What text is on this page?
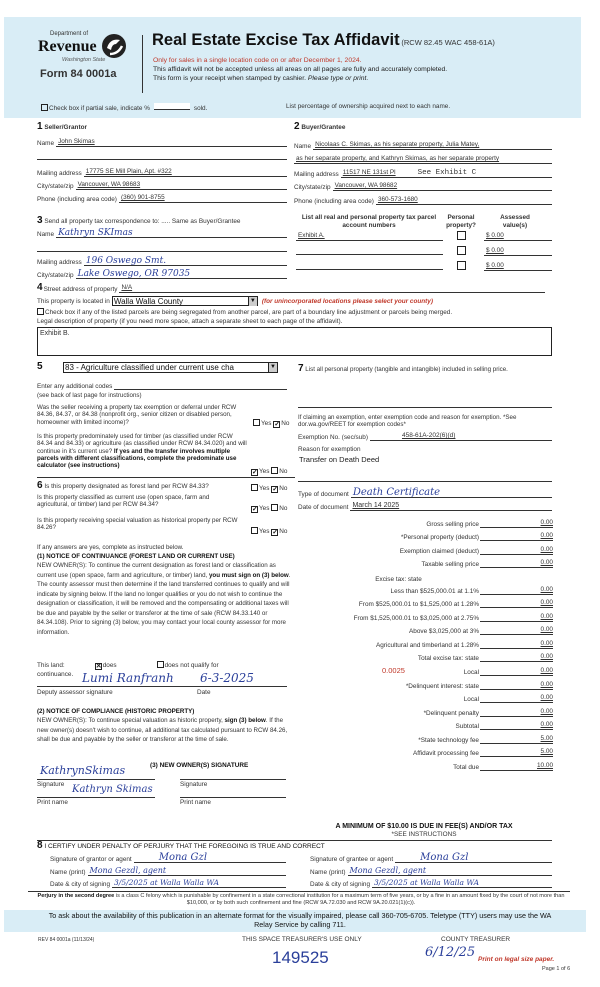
Department of
Revenue
Washington State
Form 84 0001a
Real Estate Excise Tax Affidavit (RCW 82.45 WAC 458-61A)
Only for sales in a single location code on or after December 1, 2024.
This affidavit will not be accepted unless all areas on all pages are fully and accurately completed.
This form is your receipt when stamped by cashier. Please type or print.
Check box if partial sale, indicate %	sold.	List percentage of ownership acquired next to each name.
1 Seller/Grantor
Name John Skimas
Mailing address 17775 SE Mill Plain, Apt. #322
City/state/zip Vancouver, WA 98683
Phone (including area code) (360) 901-8755
2 Buyer/Grantee
Name Nicolaas C. Skimas, as his separate property, Julia Matey,
as her separate property, and Kathryn Skimas, as her separate property
Mailing address 11517 NE 131st Pl	See Exhibit C
City/state/zip Vancouver, WA 98682
Phone (including area code) 360-573-1680
3 Send all property tax correspondence to: ..... Same as Buyer/Grantee
Name Kathryn SKImas
Mailing address 196 Oswego Smt.
City/state/zip Lake Oswego, OR 97035
List all real and personal property tax parcel account numbers
Personal property?
Assessed value(s)
Exhibit A.	$ 0.00
$ 0.00
$ 0.00
4 Street address of property N/A
This property is located in Walla Walla County	▼ (for unincorporated locations please select your county)
Check box if any of the listed parcels are being segregated from another parcel, are part of a boundary line adjustment or parcels being merged.
Legal description of property (if you need more space, attach a separate sheet to each page of the affidavit).
Exhibit B.
5	83 - Agriculture classified under current use cha	▼
Enter any additional codes
(see back of last page for instructions)
Was the seller receiving a property tax exemption or deferral under RCW 84.36, 84.37, or 84.38 (nonprofit org., senior citizen or disabled person, homeowner with limited income)?	Yes ✓No
Is this property predominately used for timber (as classified under RCW 84.34 and 84.33) or agriculture (as classified under RCW 84.34.020) and will continue in it's current use? If yes and the transfer involves multiple parcels with different classifications, complete the predominate use calculator (see instructions)
✓Yes No
6 Is this property designated as forest land per RCW 84.33?	Yes ✓No
Is this property classified as current use (open space, farm and agricultural, or timber) land per RCW 84.34?
✓Yes No
Is this property receiving special valuation as historical property per RCW 84.26?
Yes ✓No
If any answers are yes, complete as instructed below.
(1) NOTICE OF CONTINUANCE (FOREST LAND OR CURRENT USE)
NEW OWNER(S): To continue the current designation as forest land or classification as current use (open space, farm and agriculture, or timber) land, you must sign on (3) below. The county assessor must then determine if the land transferred continues to qualify and will indicate by signing below. If the land no longer qualifies or you do not wish to continue the designation or classification, it will be removed and the compensating or additional taxes will be due and payable by the seller or transferor at the time of sale (RCW 84.33.140 or 84.34.108). Prior to signing (3) below, you may contact your local county assessor for more information.
This land:	✕does	does not qualify for
continuance. Lumi Ranfranh 6-3-2025
Deputy assessor signature	Date
(2) NOTICE OF COMPLIANCE (HISTORIC PROPERTY)
NEW OWNER(S): To continue special valuation as historic property, sign (3) below. If the new owner(s) doesn't wish to continue, all additional tax calculated pursuant to RCW 84.26, shall be due and payable by the seller or transferor at the time of sale.
(3) NEW OWNER(S) SIGNATURE
KathrynSkimas
Signature	Signature
Kathryn Skimas
Print name	Print name
7 List all personal property (tangible and intangible) included in selling price.
If claiming an exemption, enter exemption code and reason for exemption. *See dor.wa.gov/REET for exemption codes*
Exemption No. (sec/sub)	458-61A-202(6)(d)
Reason for exemption
Transfer on Death Deed
Type of document Death Certificate
Date of document March 14 2025
Gross selling price	0.00
*Personal property (deduct)	0.00
Exemption claimed (deduct)	0.00
Taxable selling price	0.00
Excise tax: state
Less than $525,000.01 at 1.1%	0.00
From $525,000.01 to $1,525,000 at 1.28%	0.00
From $1,525,000.01 to $3,025,000 at 2.75%	0.00
Above $3,025,000 at 3%	0.00
Agricultural and timberland at 1.28%	0.00
Total excise tax: state	0.00
Local	0.00
*Delinquent interest: state	0.00
Local	0.00
*Delinquent penalty	0.00
Subtotal	0.00
*State technology fee	5.00
Affidavit processing fee	5.00
Total due	10.00
0.0025
A MINIMUM OF $10.00 IS DUE IN FEE(S) AND/OR TAX
*SEE INSTRUCTIONS
8 I CERTIFY UNDER PENALTY OF PERJURY THAT THE FOREGOING IS TRUE AND CORRECT
Signature of grantor or agent	Mona Gzl
Name (print) Mona Gezdl, agent
Date & city of signing 3/5/2025 at Walla Walla WA
Signature of grantee or agent	Mona Gzl
Name (print) Mona Gezdl, agent
Date & city of signing 3/5/2025 at Walla Walla WA
Perjury in the second degree is a class C felony which is punishable by confinement in a state correctional institution for a maximum term of five years, or by a fine in an amount fixed by the court of not more than $10,000, or by both such confinement and fine (RCW 9A.72.030 and RCW 9A.20.021(1)(c)).
To ask about the availability of this publication in an alternate format for the visually impaired, please call 360-705-6705. Teletype (TTY) users may use the WA Relay Service by calling 711.
REV 84 0001a (11/13/24)	THIS SPACE TREASURER'S USE ONLY	COUNTY TREASURER
149525	6/12/25 Print on legal size paper.
Page 1 of 6
